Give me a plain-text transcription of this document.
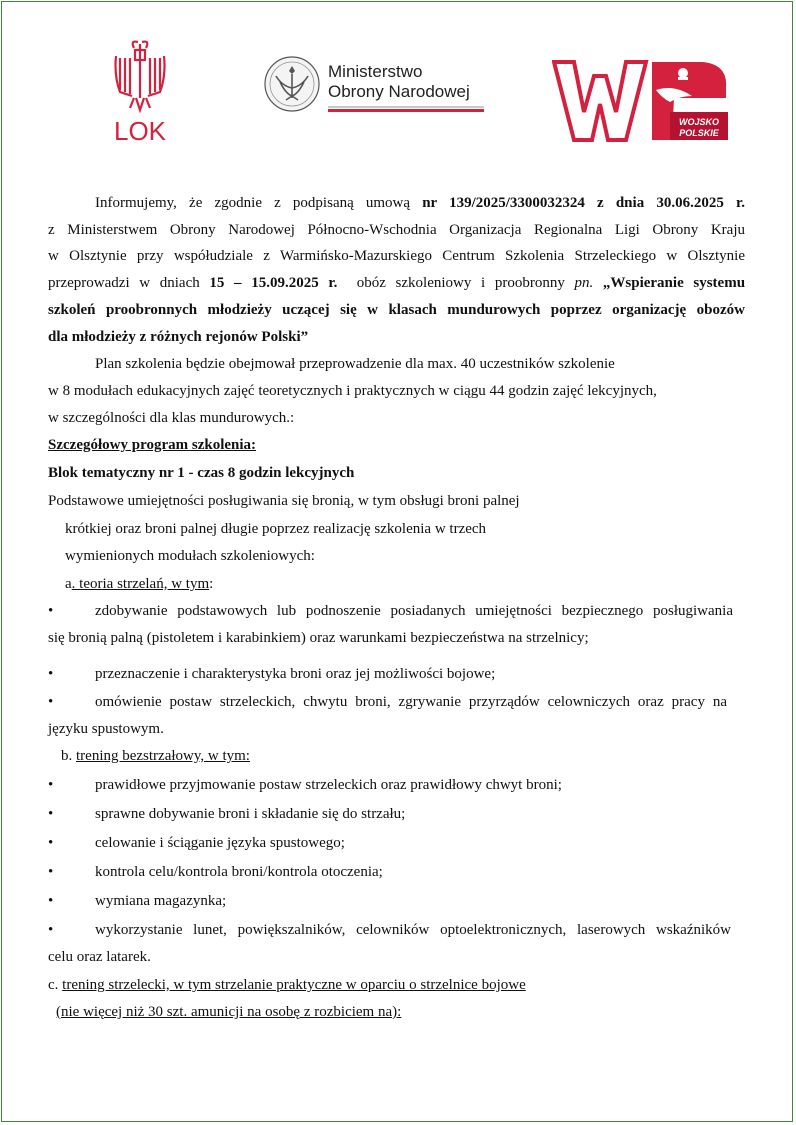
LOK
Ministerstwo
Obrony Narodowej
WOJSKO
POLSKIE
Informujemy, że zgodnie z podpisaną umową nr 139/2025/3300032324 z dnia 30.06.2025 r.
z Ministerstwem Obrony Narodowej Północno-Wschodnia Organizacja Regionalna Ligi Obrony Kraju
w Olsztynie przy współudziale z Warmińsko-Mazurskiego Centrum Szkolenia Strzeleckiego w Olsztynie
przeprowadzi w dniach 15 – 15.09.2025 r. obóz szkoleniowy i proobronny pn. „Wspieranie systemu
szkoleń proobronnych młodzieży uczącej się w klasach mundurowych poprzez organizację obozów
dla młodzieży z różnych rejonów Polski”
Plan szkolenia będzie obejmował przeprowadzenie dla max. 40 uczestników szkolenie
w 8 modułach edukacyjnych zajęć teoretycznych i praktycznych w ciągu 44 godzin zajęć lekcyjnych,
w szczególności dla klas mundurowych.:
Szczegółowy program szkolenia:
Blok tematyczny nr 1 - czas 8 godzin lekcyjnych
Podstawowe umiejętności posługiwania się bronią, w tym obsługi broni palnej
krótkiej oraz broni palnej długie poprzez realizację szkolenia w trzech
wymienionych modułach szkoleniowych:
a. teoria strzelań, w tym:
•	zdobywanie podstawowych lub podnoszenie posiadanych umiejętności bezpiecznego posługiwania
się bronią palną (pistoletem i karabinkiem) oraz warunkami bezpieczeństwa na strzelnicy;
•	przeznaczenie i charakterystyka broni oraz jej możliwości bojowe;
•	omówienie postaw strzeleckich, chwytu broni, zgrywanie przyrządów celowniczych oraz pracy na
języku spustowym.
b. trening bezstrzałowy, w tym:
•	prawidłowe przyjmowanie postaw strzeleckich oraz prawidłowy chwyt broni;
•	sprawne dobywanie broni i składanie się do strzału;
•	celowanie i ściąganie języka spustowego;
•	kontrola celu/kontrola broni/kontrola otoczenia;
•	wymiana magazynka;
•	wykorzystanie lunet, powiększalników, celowników optoelektronicznych, laserowych wskaźników
celu oraz latarek.
c. trening strzelecki, w tym strzelanie praktyczne w oparciu o strzelnice bojowe
(nie więcej niż 30 szt. amunicji na osobę z rozbiciem na):
